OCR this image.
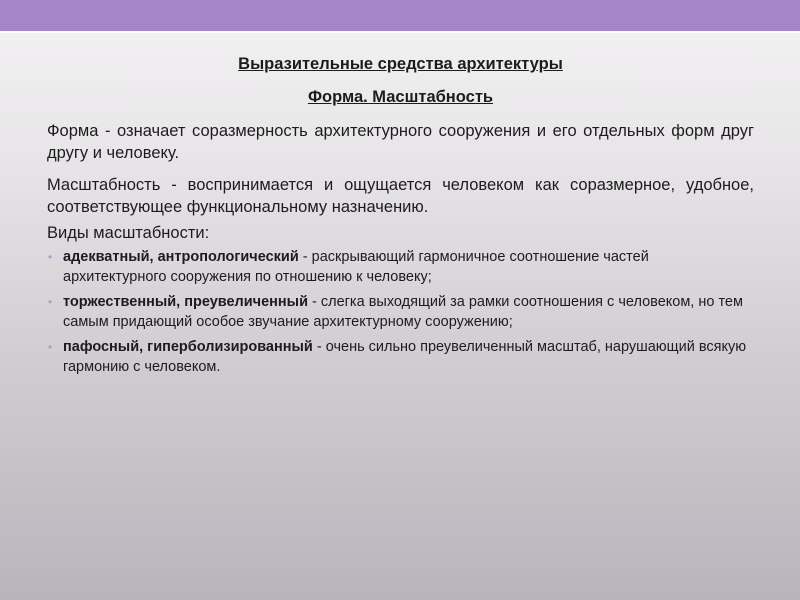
Выразительные средства архитектуры

Форма. Масштабность

Форма - означает соразмерность архитектурного сооружения и его отдельных форм друг другу и человеку.

Масштабность - воспринимается и ощущается человеком как соразмерное, удобное, соответствующее функциональному назначению.

Виды масштабности:

• адекватный, антропологический - раскрывающий гармоничное соотношение частей архитектурного сооружения по отношению к человеку;
• торжественный, преувеличенный - слегка выходящий за рамки соотношения с человеком, но тем самым придающий особое звучание архитектурному сооружению;
• пафосный, гиперболизированный - очень сильно преувеличенный масштаб, нарушающий всякую гармонию с человеком.
